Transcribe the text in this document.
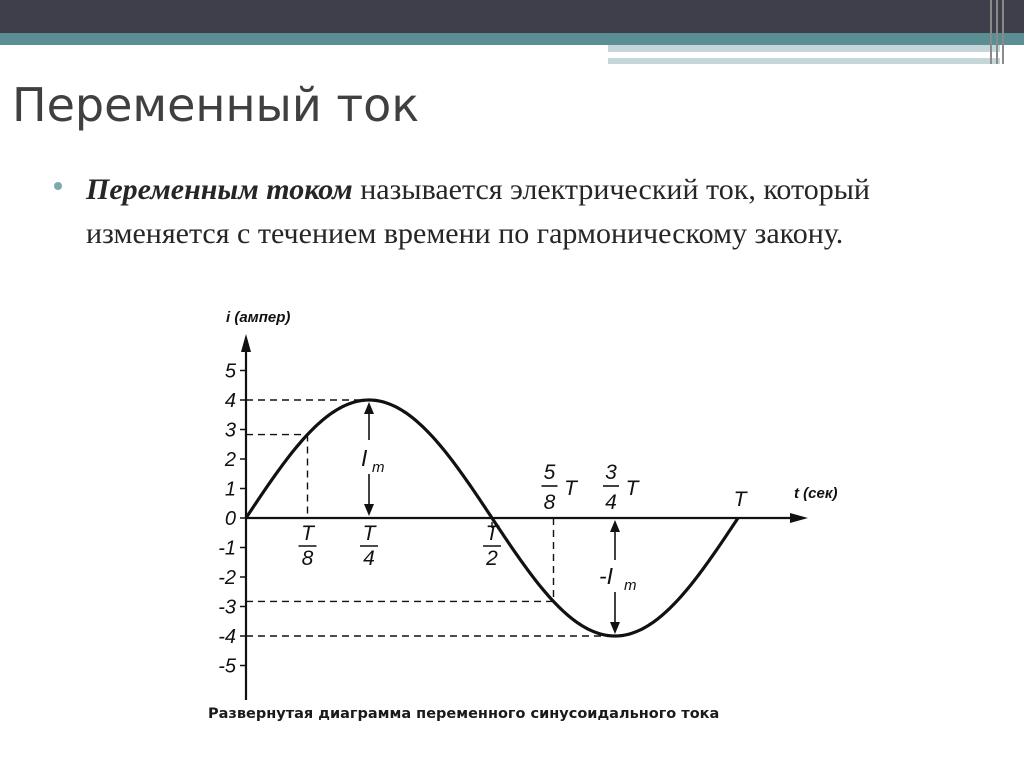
Переменный ток
Переменным током называется электрический ток, который изменяется с течением времени по гармоническому закону.
i (ампер)
t (сек)
5
4
3
2
1
0
-1
-2
-3
-4
-5
I m
-I m
T
8
T
4
T
2
5
8
T
3
4
T	T
Развернутая диаграмма переменного синусоидального тока
